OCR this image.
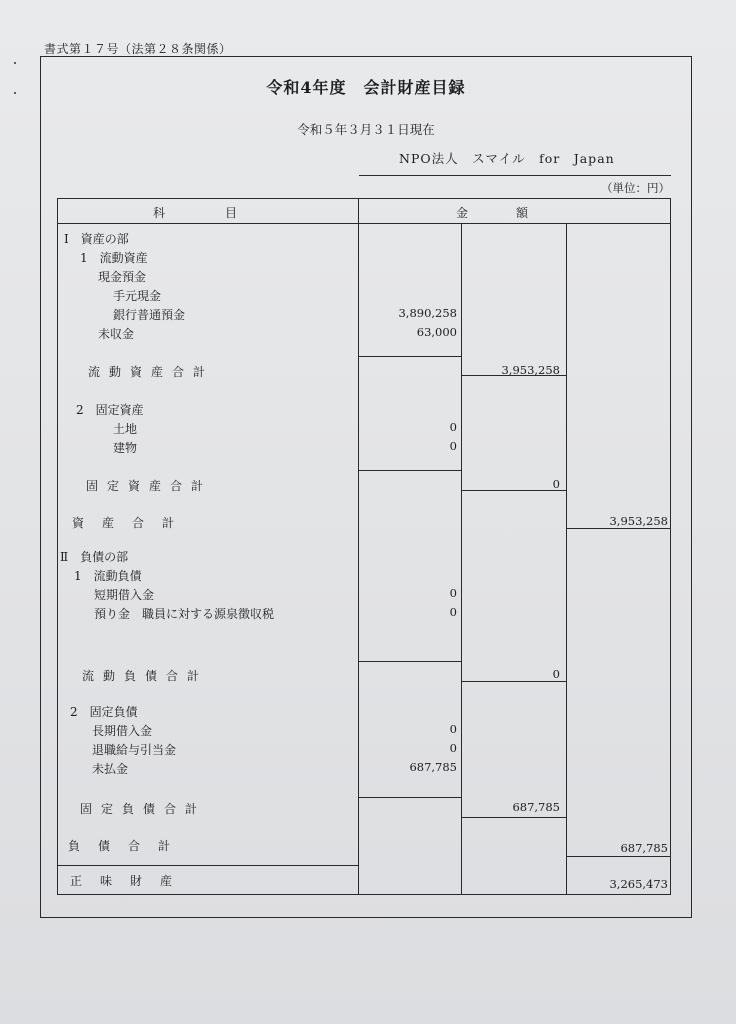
書式第１７号（法第２８条関係）
令和4年度　会計財産目録
令和５年３月３１日現在
NPO法人　スマイル　for　Japan
（単位：円）
科　　　　　目	金　　　　額
Ⅰ　資産の部
1　流動資産
現金預金
手元現金
銀行普通預金	3,890,258
未収金	63,000
流動資産合計	3,953,258
2　固定資産
土地	0
建物	0
固定資産合計	0
資産合計	3,953,258
Ⅱ　負債の部
1　流動負債
短期借入金	0
預り金　職員に対する源泉徴収税	0
流動負債合計	0
2　固定負債
長期借入金	0
退職給与引当金	0
未払金	687,785
固定負債合計	687,785
負債合計	687,785
正味財産	3,265,473
